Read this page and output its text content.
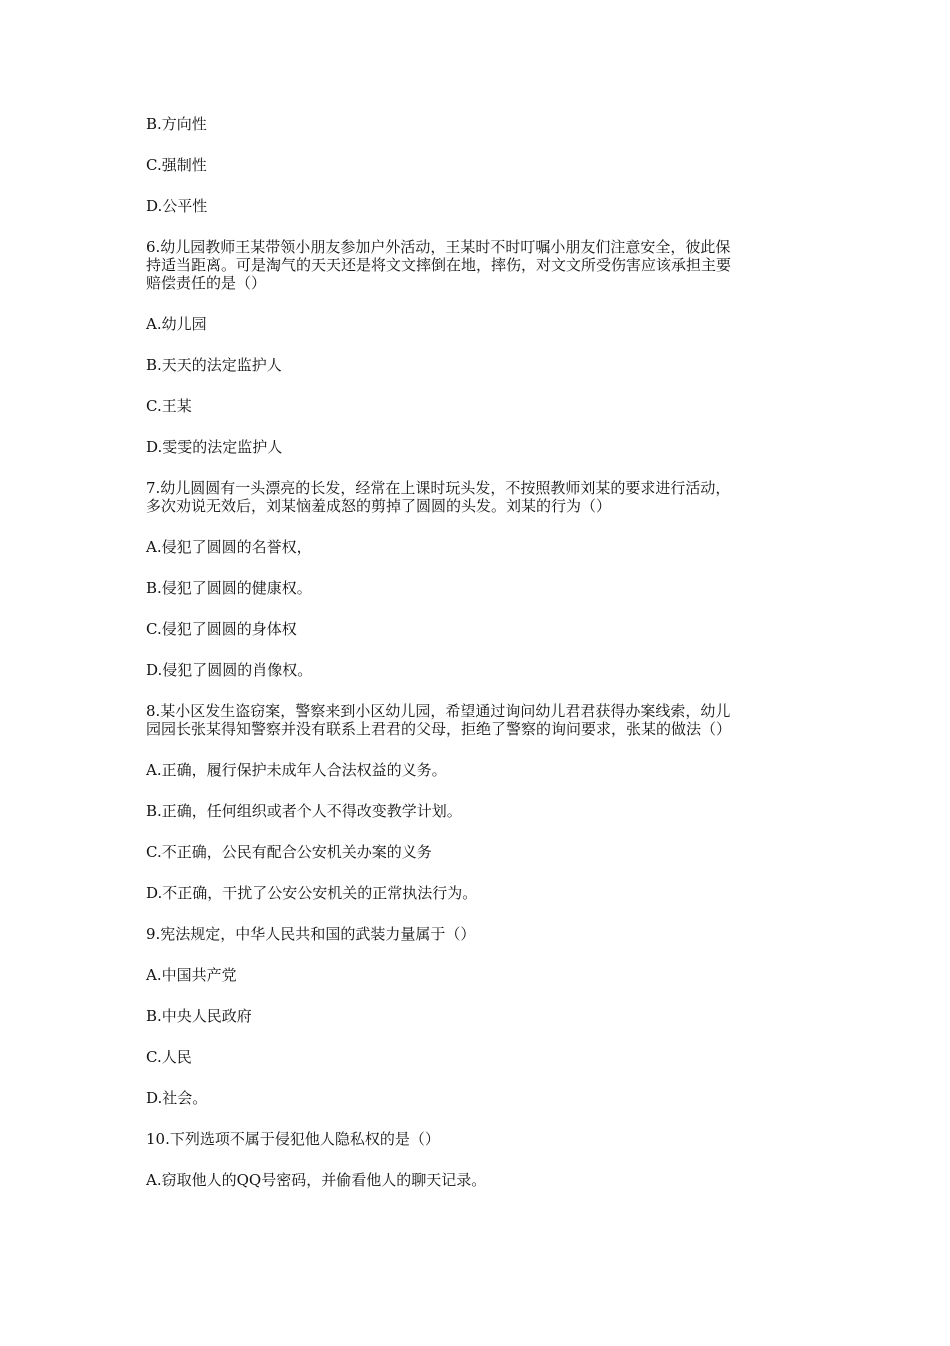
B.方向性

C.强制性

D.公平性

6.幼儿园教师王某带领小朋友参加户外活动，王某时不时叮嘱小朋友们注意安全，彼此保

持适当距离。可是淘气的天天还是将文文摔倒在地，摔伤，对文文所受伤害应该承担主要

赔偿责任的是（）

A.幼儿园

B.天天的法定监护人

C.王某

D.雯雯的法定监护人

7.幼儿圆圆有一头漂亮的长发，经常在上课时玩头发，不按照教师刘某的要求进行活动，

多次劝说无效后，刘某恼羞成怒的剪掉了圆圆的头发。刘某的行为（）

A.侵犯了圆圆的名誉权，

B.侵犯了圆圆的健康权。

C.侵犯了圆圆的身体权

D.侵犯了圆圆的肖像权。

8.某小区发生盗窃案，警察来到小区幼儿园，希望通过询问幼儿君君获得办案线索，幼儿

园园长张某得知警察并没有联系上君君的父母，拒绝了警察的询问要求，张某的做法（）

A.正确，履行保护未成年人合法权益的义务。

B.正确，任何组织或者个人不得改变教学计划。

C.不正确，公民有配合公安机关办案的义务

D.不正确，干扰了公安公安机关的正常执法行为。

9.宪法规定，中华人民共和国的武装力量属于（）

A.中国共产党

B.中央人民政府

C.人民

D.社会。

10.下列选项不属于侵犯他人隐私权的是（）

A.窃取他人的QQ号密码，并偷看他人的聊天记录。
